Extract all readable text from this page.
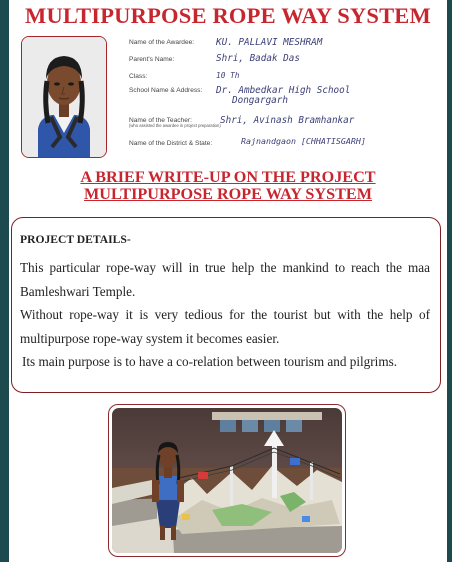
MULTIPURPOSE ROPE WAY SYSTEM
Name of the Awardee: KU. PALLAVI MESHRAM
Parent's Name:	Shri, Badak Das
Class:	10 Th
School Name & Address: Dr. Ambedkar High School
Dongargarh
Name of the Teacher:
(who assisted the awardee in project preparation) Shri, Avinash Bramhankar
Name of the District & State:	Rajnandgaon [CHHATISGARH]
A BRIEF WRITE-UP ON THE PROJECT
MULTIPURPOSE ROPE WAY SYSTEM
PROJECT DETAILS-

This particular rope-way will in true help the mankind to reach the maa Bamleshwari Temple.

Without rope-way it is very tedious for the tourist but with the help of multipurpose rope-way system it becomes easier.

Its main purpose is to have a co-relation between tourism and pilgrims.
